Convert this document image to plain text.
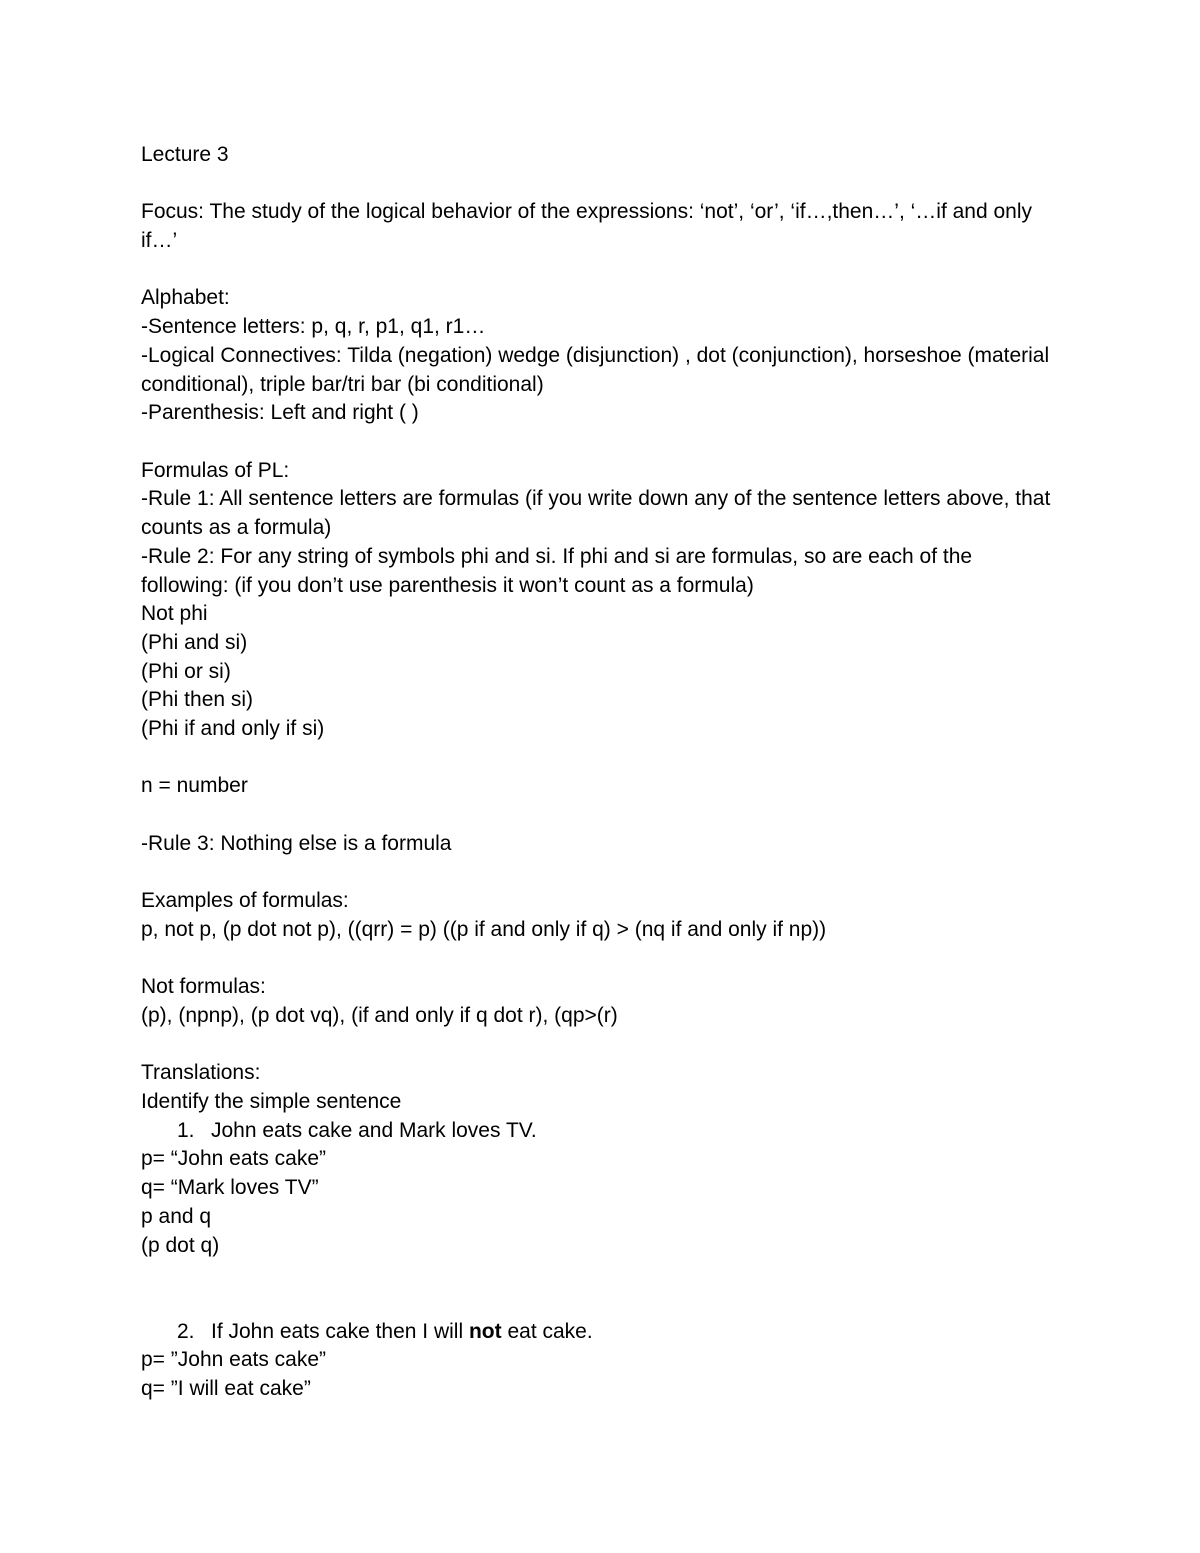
Lecture 3
Focus: The study of the logical behavior of the expressions: ‘not’, ‘or’, ‘if…,then…’, ‘…if and only if…’
Alphabet:
-Sentence letters: p, q, r, p1, q1, r1…
-Logical Connectives: Tilda (negation) wedge (disjunction) , dot (conjunction), horseshoe (material conditional), triple bar/tri bar (bi conditional)
-Parenthesis: Left and right ( )
Formulas of PL:
-Rule 1: All sentence letters are formulas (if you write down any of the sentence letters above, that counts as a formula)
-Rule 2: For any string of symbols phi and si. If phi and si are formulas, so are each of the following: (if you don’t use parenthesis it won’t count as a formula)
Not phi
(Phi and si)
(Phi or si)
(Phi then si)
(Phi if and only if si)
n = number
-Rule 3: Nothing else is a formula
Examples of formulas:
p, not p, (p dot not p), ((qrr) = p) ((p if and only if q) > (nq if and only if np))
Not formulas:
(p), (npnp), (p dot vq), (if and only if q dot r), (qp>(r)
Translations:
Identify the simple sentence
1. John eats cake and Mark loves TV.
p= “John eats cake”
q= “Mark loves TV”
p and q
(p dot q)
2. If John eats cake then I will not eat cake.
p= ”John eats cake”
q= ”I will eat cake”
